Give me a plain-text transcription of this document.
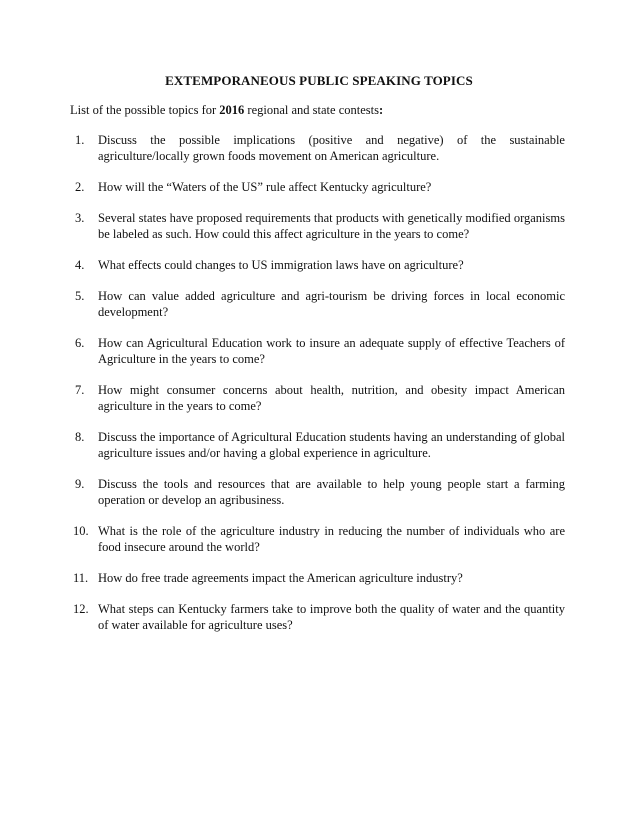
EXTEMPORANEOUS PUBLIC SPEAKING TOPICS

List of the possible topics for 2016 regional and state contests:

1. Discuss the possible implications (positive and negative) of the sustainable agriculture/locally grown foods movement on American agriculture.
2. How will the “Waters of the US” rule affect Kentucky agriculture?
3. Several states have proposed requirements that products with genetically modified organisms be labeled as such. How could this affect agriculture in the years to come?
4. What effects could changes to US immigration laws have on agriculture?
5. How can value added agriculture and agri-tourism be driving forces in local economic development?
6. How can Agricultural Education work to insure an adequate supply of effective Teachers of Agriculture in the years to come?
7. How might consumer concerns about health, nutrition, and obesity impact American agriculture in the years to come?
8. Discuss the importance of Agricultural Education students having an understanding of global agriculture issues and/or having a global experience in agriculture.
9. Discuss the tools and resources that are available to help young people start a farming operation or develop an agribusiness.
10. What is the role of the agriculture industry in reducing the number of individuals who are food insecure around the world?
11. How do free trade agreements impact the American agriculture industry?
12. What steps can Kentucky farmers take to improve both the quality of water and the quantity of water available for agriculture uses?
